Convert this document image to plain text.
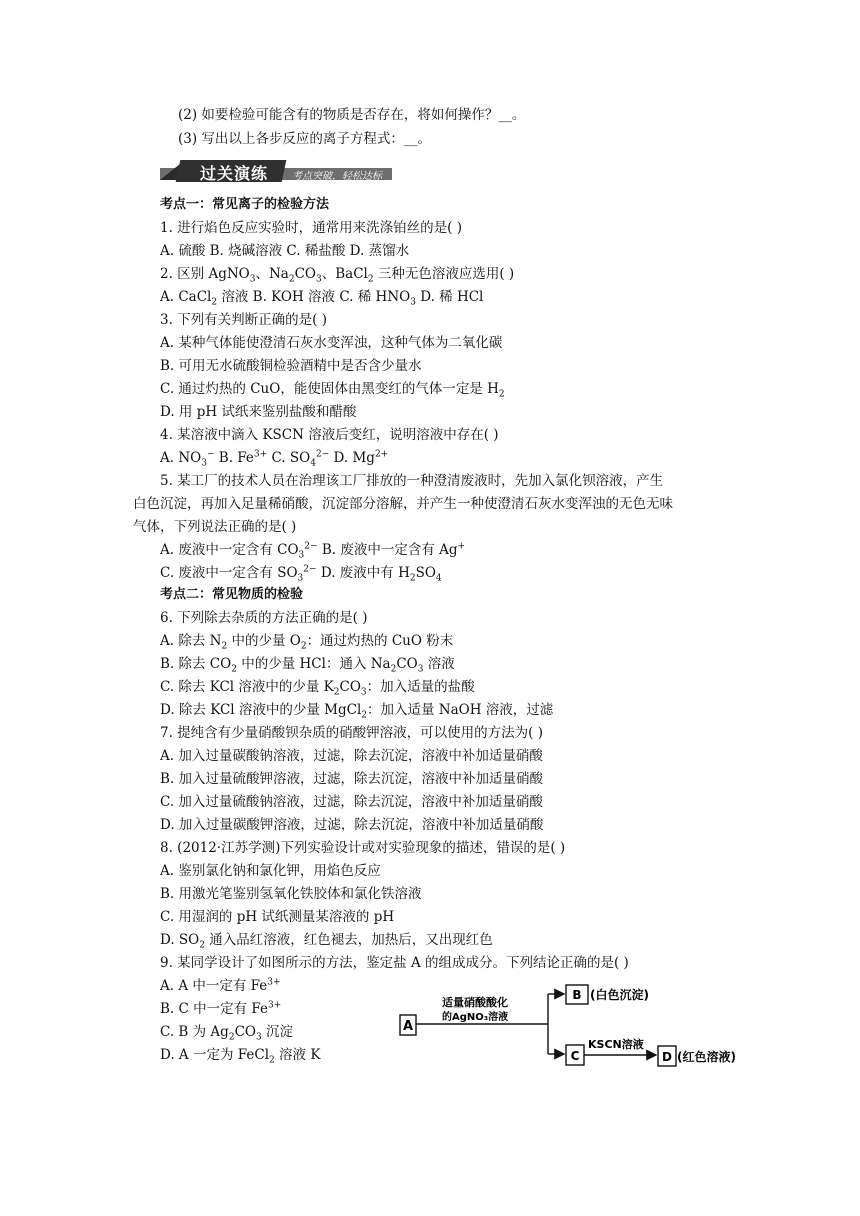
(2) 如要检验可能含有的物质是否存在，将如何操作？__。
(3) 写出以上各步反应的离子方程式：__。
过关演练 考点突破，轻松达标
考点一：常见离子的检验方法
1. 进行焰色反应实验时，通常用来洗涤铂丝的是( )
A. 硫酸 B. 烧碱溶液 C. 稀盐酸 D. 蒸馏水
2. 区别 AgNO$_3$、$Na_2CO_3$、BaCl$_2$ 三种无色溶液应选用( )
A. CaCl$_2$ 溶液 B. KOH 溶液 C. 稀 $HNO_3$ D. 稀 HCl
3. 下列有关判断正确的是( )
A. 某种气体能使澄清石灰水变浑浊，这种气体为二氧化碳
B. 可用无水硫酸铜检验酒精中是否含少量水
C. 通过灼热的 CuO，能使固体由黑变红的气体一定是 $H_2$
D. 用 pH 试纸来鉴别盐酸和醋酸
4. 某溶液中滴入 KSCN 溶液后变红，说明溶液中存在( )
A. $NO_3^-$ B. $Fe^{3+}$ C. $SO_4^{2-}$ D. $Mg^{2+}$
5. 某工厂的技术人员在治理该工厂排放的一种澄清废液时，先加入氯化钡溶液，产生
白色沉淀，再加入足量稀硝酸，沉淀部分溶解，并产生一种使澄清石灰水变浑浊的无色无味
气体，下列说法正确的是( )
A. 废液中一定含有 $CO_3^{2-}$ B. 废液中一定含有 Ag+
C. 废液中一定含有 $SO_3^{2-}$ D. 废液中有 $H_2SO_4$
考点二：常见物质的检验
6. 下列除去杂质的方法正确的是( )
A. 除去 $N_2$ 中的少量 $O_2$：通过灼热的 CuO 粉末
B. 除去 $CO_2$ 中的少量 HCl：通入 $Na_2CO_3$ 溶液
C. 除去 KCl 溶液中的少量 $K_2CO_3$：加入适量的盐酸
D. 除去 KCl 溶液中的少量 MgCl$_2$：加入适量 NaOH 溶液，过滤
7. 提纯含有少量硝酸钡杂质的硝酸钾溶液，可以使用的方法为( )
A. 加入过量碳酸钠溶液，过滤，除去沉淀，溶液中补加适量硝酸
B. 加入过量硫酸钾溶液，过滤，除去沉淀，溶液中补加适量硝酸
C. 加入过量硫酸钠溶液，过滤，除去沉淀，溶液中补加适量硝酸
D. 加入过量碳酸钾溶液，过滤，除去沉淀，溶液中补加适量硝酸
8. (2012·江苏学测)下列实验设计或对实验现象的描述，错误的是( )
A. 鉴别氯化钠和氯化钾，用焰色反应
B. 用激光笔鉴别氢氧化铁胶体和氯化铁溶液
C. 用湿润的 pH 试纸测量某溶液的 pH
D. $SO_2$ 通入品红溶液，红色褪去，加热后，又出现红色
9. 某同学设计了如图所示的方法，鉴定盐 A 的组成成分。下列结论正确的是( )
A. A 中一定有 $Fe^{3+}$
B. C 中一定有 $Fe^{3+}$
C. B 为 $Ag_2CO_3$ 沉淀
D. A 一定为 FeCl$_2$ 溶液 K
A
适量硝酸酸化
的AgNO₃溶液
B (白色沉淀)
C
KSCN溶液
D (红色溶液)
